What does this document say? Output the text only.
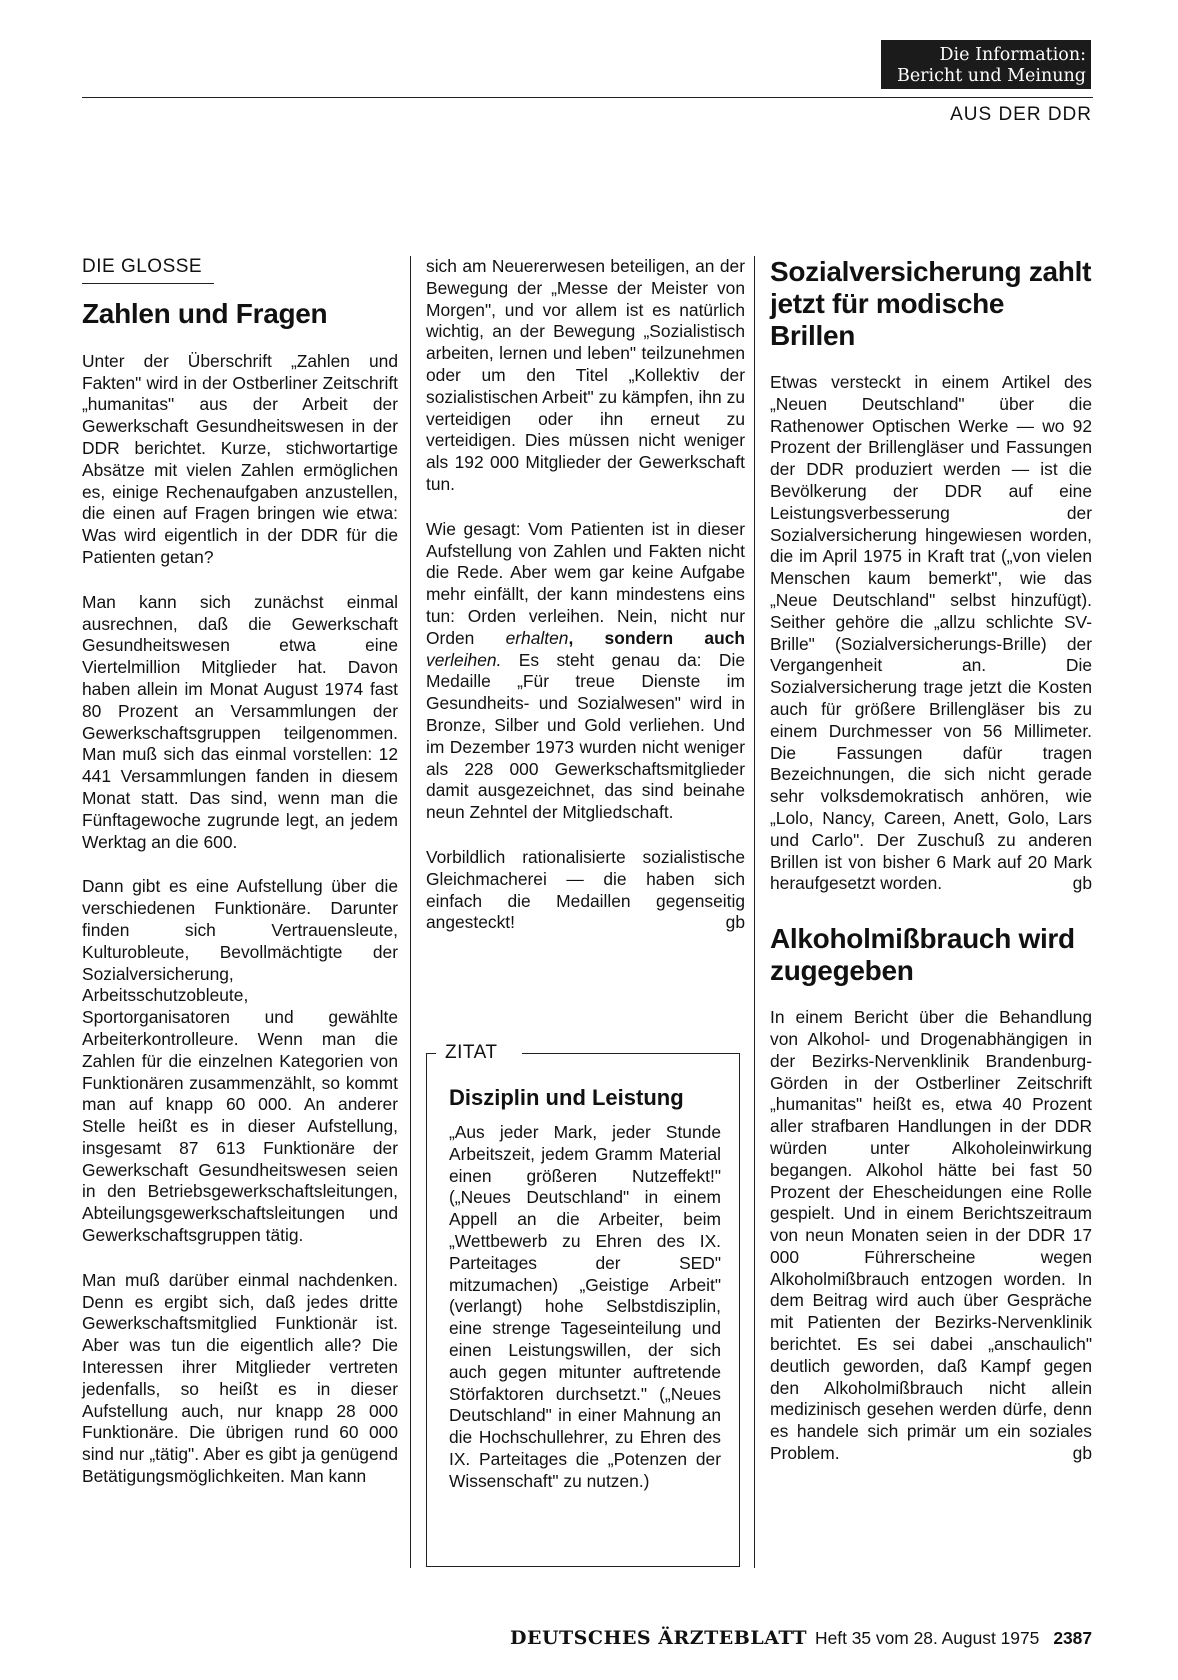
Die Information:
Bericht und Meinung
AUS DER DDR
DIE GLOSSE
Zahlen und Fragen

Unter der Überschrift „Zahlen und Fakten" wird in der Ostberliner Zeitschrift „humanitas" aus der Arbeit der Gewerkschaft Gesundheitswesen in der DDR berichtet. Kurze, stichwortartige Absätze mit vielen Zahlen ermöglichen es, einige Rechenaufgaben anzustellen, die einen auf Fragen bringen wie etwa: Was wird eigentlich in der DDR für die Patienten getan?

Man kann sich zunächst einmal ausrechnen, daß die Gewerkschaft Gesundheitswesen etwa eine Viertelmillion Mitglieder hat. Davon haben allein im Monat August 1974 fast 80 Prozent an Versammlungen der Gewerkschaftsgruppen teilgenommen. Man muß sich das einmal vorstellen: 12 441 Versammlungen fanden in diesem Monat statt. Das sind, wenn man die Fünftagewoche zugrunde legt, an jedem Werktag an die 600.

Dann gibt es eine Aufstellung über die verschiedenen Funktionäre. Darunter finden sich Vertrauensleute, Kulturobleute, Bevollmächtigte der Sozialversicherung, Arbeitsschutzobleute, Sportorganisatoren und gewählte Arbeiterkontrolleure. Wenn man die Zahlen für die einzelnen Kategorien von Funktionären zusammenzählt, so kommt man auf knapp 60 000. An anderer Stelle heißt es in dieser Aufstellung, insgesamt 87 613 Funktionäre der Gewerkschaft Gesundheitswesen seien in den Betriebsgewerkschaftsleitungen, Abteilungsgewerkschaftsleitungen und Gewerkschaftsgruppen tätig.

Man muß darüber einmal nachdenken. Denn es ergibt sich, daß jedes dritte Gewerkschaftsmitglied Funktionär ist. Aber was tun die eigentlich alle? Die Interessen ihrer Mitglieder vertreten jedenfalls, so heißt es in dieser Aufstellung auch, nur knapp 28 000 Funktionäre. Die übrigen rund 60 000 sind nur „tätig". Aber es gibt ja genügend Betätigungsmöglichkeiten. Man kann

sich am Neuererwesen beteiligen, an der Bewegung der „Messe der Meister von Morgen", und vor allem ist es natürlich wichtig, an der Bewegung „Sozialistisch arbeiten, lernen und leben" teilzunehmen oder um den Titel „Kollektiv der sozialistischen Arbeit" zu kämpfen, ihn zu verteidigen oder ihn erneut zu verteidigen. Dies müssen nicht weniger als 192 000 Mitglieder der Gewerkschaft tun.

Wie gesagt: Vom Patienten ist in dieser Aufstellung von Zahlen und Fakten nicht die Rede. Aber wem gar keine Aufgabe mehr einfällt, der kann mindestens eins tun: Orden verleihen. Nein, nicht nur Orden erhalten, sondern auch verleihen. Es steht genau da: Die Medaille „Für treue Dienste im Gesundheits- und Sozialwesen" wird in Bronze, Silber und Gold verliehen. Und im Dezember 1973 wurden nicht weniger als 228 000 Gewerkschaftsmitglieder damit ausgezeichnet, das sind beinahe neun Zehntel der Mitgliedschaft.

Vorbildlich rationalisierte sozialistische Gleichmacherei — die haben sich einfach die Medaillen gegenseitig angesteckt!	gb

ZITAT
Disziplin und Leistung

„Aus jeder Mark, jeder Stunde Arbeitszeit, jedem Gramm Material einen größeren Nutzeffekt!" („Neues Deutschland" in einem Appell an die Arbeiter, beim „Wettbewerb zu Ehren des IX. Parteitages der SED" mitzumachen) „Geistige Arbeit" (verlangt) hohe Selbstdisziplin, eine strenge Tageseinteilung und einen Leistungswillen, der sich auch gegen mitunter auftretende Störfaktoren durchsetzt." („Neues Deutschland" in einer Mahnung an die Hochschullehrer, zu Ehren des IX. Parteitages die „Potenzen der Wissenschaft" zu nutzen.)

Sozialversicherung zahlt jetzt für modische Brillen

Etwas versteckt in einem Artikel des „Neuen Deutschland" über die Rathenower Optischen Werke — wo 92 Prozent der Brillengläser und Fassungen der DDR produziert werden — ist die Bevölkerung der DDR auf eine Leistungsverbesserung der Sozialversicherung hingewiesen worden, die im April 1975 in Kraft trat („von vielen Menschen kaum bemerkt", wie das „Neue Deutschland" selbst hinzufügt). Seither gehöre die „allzu schlichte SV-Brille" (Sozialversicherungs-Brille) der Vergangenheit an. Die Sozialversicherung trage jetzt die Kosten auch für größere Brillengläser bis zu einem Durchmesser von 56 Millimeter. Die Fassungen dafür tragen Bezeichnungen, die sich nicht gerade sehr volksdemokratisch anhören, wie „Lolo, Nancy, Careen, Anett, Golo, Lars und Carlo". Der Zuschuß zu anderen Brillen ist von bisher 6 Mark auf 20 Mark heraufgesetzt worden.	gb

Alkoholmißbrauch wird zugegeben

In einem Bericht über die Behandlung von Alkohol- und Drogenabhängigen in der Bezirks-Nervenklinik Brandenburg-Görden in der Ostberliner Zeitschrift „humanitas" heißt es, etwa 40 Prozent aller strafbaren Handlungen in der DDR würden unter Alkoholeinwirkung begangen. Alkohol hätte bei fast 50 Prozent der Ehescheidungen eine Rolle gespielt. Und in einem Berichtszeitraum von neun Monaten seien in der DDR 17 000 Führerscheine wegen Alkoholmißbrauch entzogen worden. In dem Beitrag wird auch über Gespräche mit Patienten der Bezirks-Nervenklinik berichtet. Es sei dabei „anschaulich" deutlich geworden, daß Kampf gegen den Alkoholmißbrauch nicht allein medizinisch gesehen werden dürfe, denn es handele sich primär um ein soziales Problem.	gb

DEUTSCHES ÄRZTEBLATT Heft 35 vom 28. August 1975 2387
